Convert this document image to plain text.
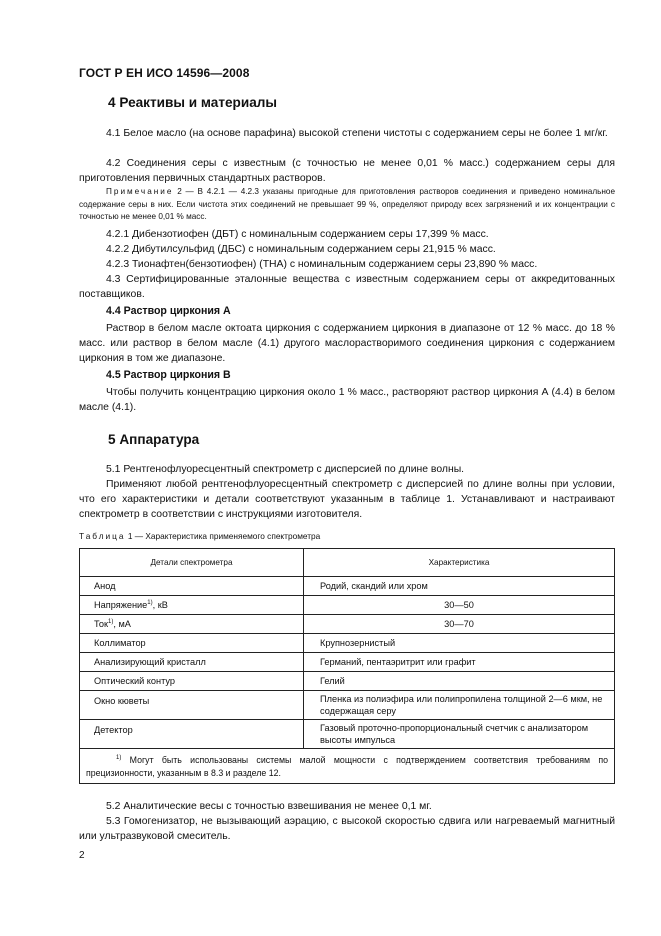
ГОСТ Р ЕН ИСО 14596—2008
4 Реактивы и материалы
4.1 Белое масло (на основе парафина) высокой степени чистоты с содержанием серы не более 1 мг/кг.
4.2 Соединения серы с известным (с точностью не менее 0,01 % масс.) содержанием серы для приготовления первичных стандартных растворов.
Примечание 2 — В 4.2.1 — 4.2.3 указаны пригодные для приготовления растворов соединения и приведено номинальное содержание серы в них. Если чистота этих соединений не превышает 99 %, определяют природу всех загрязнений и их концентрации с точностью не менее 0,01 % масс.
4.2.1 Дибензотиофен (ДБТ) с номинальным содержанием серы 17,399 % масс.
4.2.2 Дибутилсульфид (ДБС) с номинальным содержанием серы 21,915 % масс.
4.2.3 Тионафтен(бензотиофен) (ТНА) с номинальным содержанием серы 23,890 % масс.
4.3 Сертифицированные эталонные вещества с известным содержанием серы от аккредитованных поставщиков.
4.4 Раствор циркония А
Раствор в белом масле октоата циркония с содержанием циркония в диапазоне от 12 % масс. до 18 % масс. или раствор в белом масле (4.1) другого маслорастворимого соединения циркония с содержанием циркония в том же диапазоне.
4.5 Раствор циркония В
Чтобы получить концентрацию циркония около 1 % масс., растворяют раствор циркония А (4.4) в белом масле (4.1).
5 Аппаратура
5.1 Рентгенофлуоресцентный спектрометр с дисперсией по длине волны.
Применяют любой рентгенофлуоресцентный спектрометр с дисперсией по длине волны при условии, что его характеристики и детали соответствуют указанным в таблице 1. Устанавливают и настраивают спектрометр в соответствии с инструкциями изготовителя.
Таблица 1 — Характеристика применяемого спектрометра
Детали спектрометра	Характеристика
Анод	Родий, скандий или хром
Напряжение$^{1)}$, кВ	30—50
Ток$^{1)}$, мА	30—70
Коллиматор	Крупнозернистый
Анализирующий кристалл	Германий, пентаэритрит или графит
Оптический контур	Гелий
Окно кюветы	Пленка из полиэфира или полипропилена толщиной 2—6 мкм, не содержащая серу
Детектор	Газовый проточно-пропорциональный счетчик с анализатором высоты импульса
$^{1)}$ Могут быть использованы системы малой мощности с подтверждением соответствия требованиям по прецизионности, указанным в 8.3 и разделе 12.	
5.2 Аналитические весы с точностью взвешивания не менее 0,1 мг.
5.3 Гомогенизатор, не вызывающий аэрацию, с высокой скоростью сдвига или нагреваемый магнитный или ультразвуковой смеситель.
2
